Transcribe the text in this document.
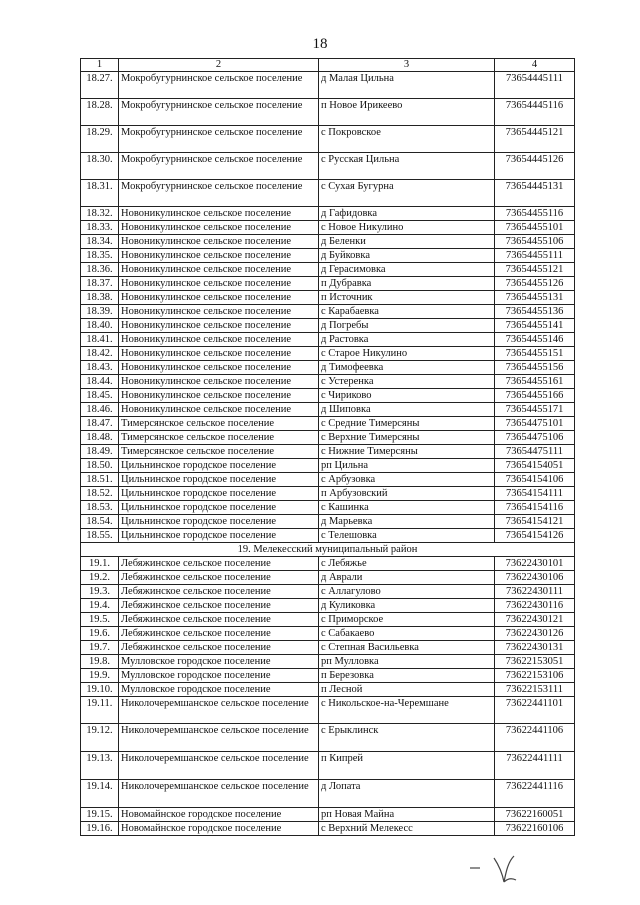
18
1	2	3	4
18.27.	Мокробугурнинское сельское поселение	д Малая Цильна	73654445111
18.28.	Мокробугурнинское сельское поселение	п Новое Ирикеево	73654445116
18.29.	Мокробугурнинское сельское поселение	с Покровское	73654445121
18.30.	Мокробугурнинское сельское поселение	с Русская Цильна	73654445126
18.31.	Мокробугурнинское сельское поселение	с Сухая Бугурна	73654445131
18.32.	Новоникулинское сельское поселение	д Гафидовка	73654455116
18.33.	Новоникулинское сельское поселение	с Новое Никулино	73654455101
18.34.	Новоникулинское сельское поселение	д Беленки	73654455106
18.35.	Новоникулинское сельское поселение	д Буйковка	73654455111
18.36.	Новоникулинское сельское поселение	д Герасимовка	73654455121
18.37.	Новоникулинское сельское поселение	п Дубравка	73654455126
18.38.	Новоникулинское сельское поселение	п Источник	73654455131
18.39.	Новоникулинское сельское поселение	с Карабаевка	73654455136
18.40.	Новоникулинское сельское поселение	д Погребы	73654455141
18.41.	Новоникулинское сельское поселение	д Растовка	73654455146
18.42.	Новоникулинское сельское поселение	с Старое Никулино	73654455151
18.43.	Новоникулинское сельское поселение	д Тимофеевка	73654455156
18.44.	Новоникулинское сельское поселение	с Устеренка	73654455161
18.45.	Новоникулинское сельское поселение	с Чириково	73654455166
18.46.	Новоникулинское сельское поселение	д Шиповка	73654455171
18.47.	Тимерсянское сельское поселение	с Средние Тимерсяны	73654475101
18.48.	Тимерсянское сельское поселение	с Верхние Тимерсяны	73654475106
18.49.	Тимерсянское сельское поселение	с Нижние Тимерсяны	73654475111
18.50.	Цильнинское городское поселение	рп Цильна	73654154051
18.51.	Цильнинское городское поселение	с Арбузовка	73654154106
18.52.	Цильнинское городское поселение	п Арбузовский	73654154111
18.53.	Цильнинское городское поселение	с Кашинка	73654154116
18.54.	Цильнинское городское поселение	д Марьевка	73654154121
18.55.	Цильнинское городское поселение	с Телешовка	73654154126
19. Мелекесский муниципальный район			
19.1.	Лебяжинское сельское поселение	с Лебяжье	73622430101
19.2.	Лебяжинское сельское поселение	д Аврали	73622430106
19.3.	Лебяжинское сельское поселение	с Аллагулово	73622430111
19.4.	Лебяжинское сельское поселение	д Куликовка	73622430116
19.5.	Лебяжинское сельское поселение	с Приморское	73622430121
19.6.	Лебяжинское сельское поселение	с Сабакаево	73622430126
19.7.	Лебяжинское сельское поселение	с Степная Васильевка	73622430131
19.8.	Мулловское городское поселение	рп Мулловка	73622153051
19.9.	Мулловское городское поселение	п Березовка	73622153106
19.10.	Мулловское городское поселение	п Лесной	73622153111
19.11.	Николочеремшанское сельское поселение	с Никольское-на-Черемшане	73622441101
19.12.	Николочеремшанское сельское поселение	с Ерыклинск	73622441106
19.13.	Николочеремшанское сельское поселение	п Кипрей	73622441111
19.14.	Николочеремшанское сельское поселение	д Лопата	73622441116
19.15.	Новомайнское городское поселение	рп Новая Майна	73622160051
19.16.	Новомайнское городское поселение	с Верхний Мелекесс	73622160106
